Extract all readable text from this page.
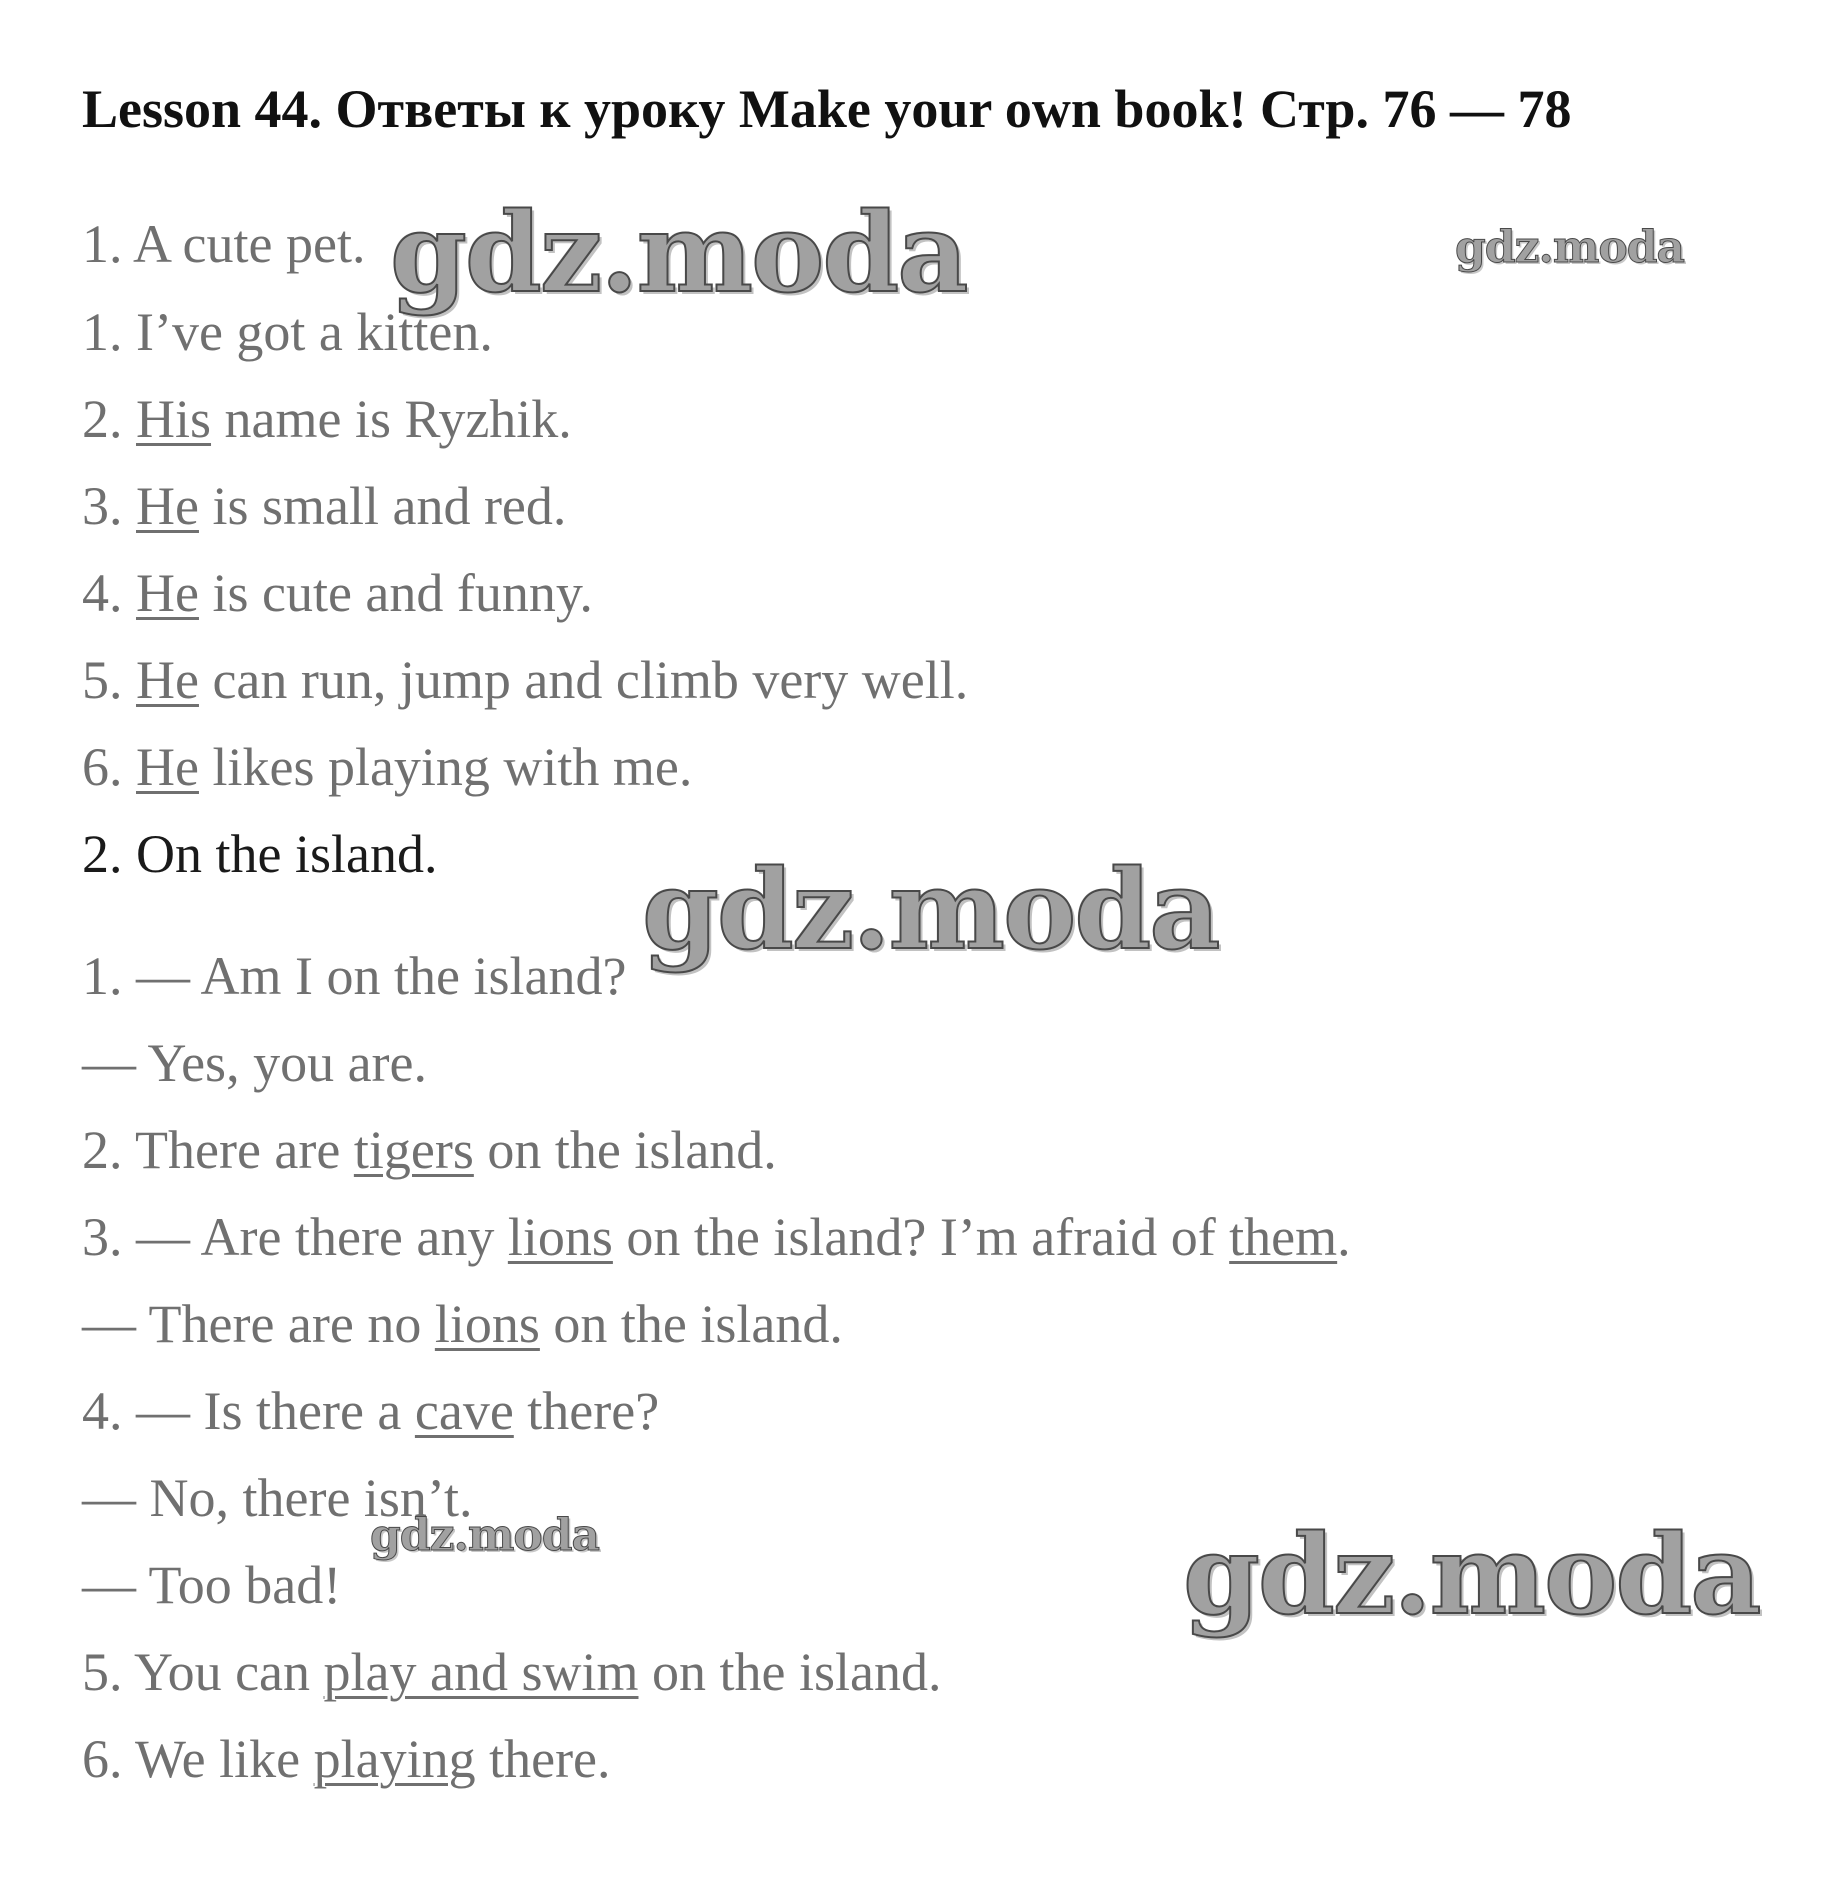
Lesson 44. Ответы к уроку Make your own book! Стр. 76 — 78
1. A cute pet.
1. I’ve got a kitten.
2. His name is Ryzhik.
3. He is small and red.
4. He is cute and funny.
5. He can run, jump and climb very well.
6. He likes playing with me.
2. On the island.
1. — Am I on the island?
— Yes, you are.
2. There are tigers on the island.
3. — Are there any lions on the island? I’m afraid of them.
— There are no lions on the island.
4. — Is there a cave there?
— No, there isn’t.
— Too bad!
5. You can play and swim on the island.
6. We like playing there.
gdz.moda	gdz.moda
gdz.moda
gdz.moda	gdz.moda
